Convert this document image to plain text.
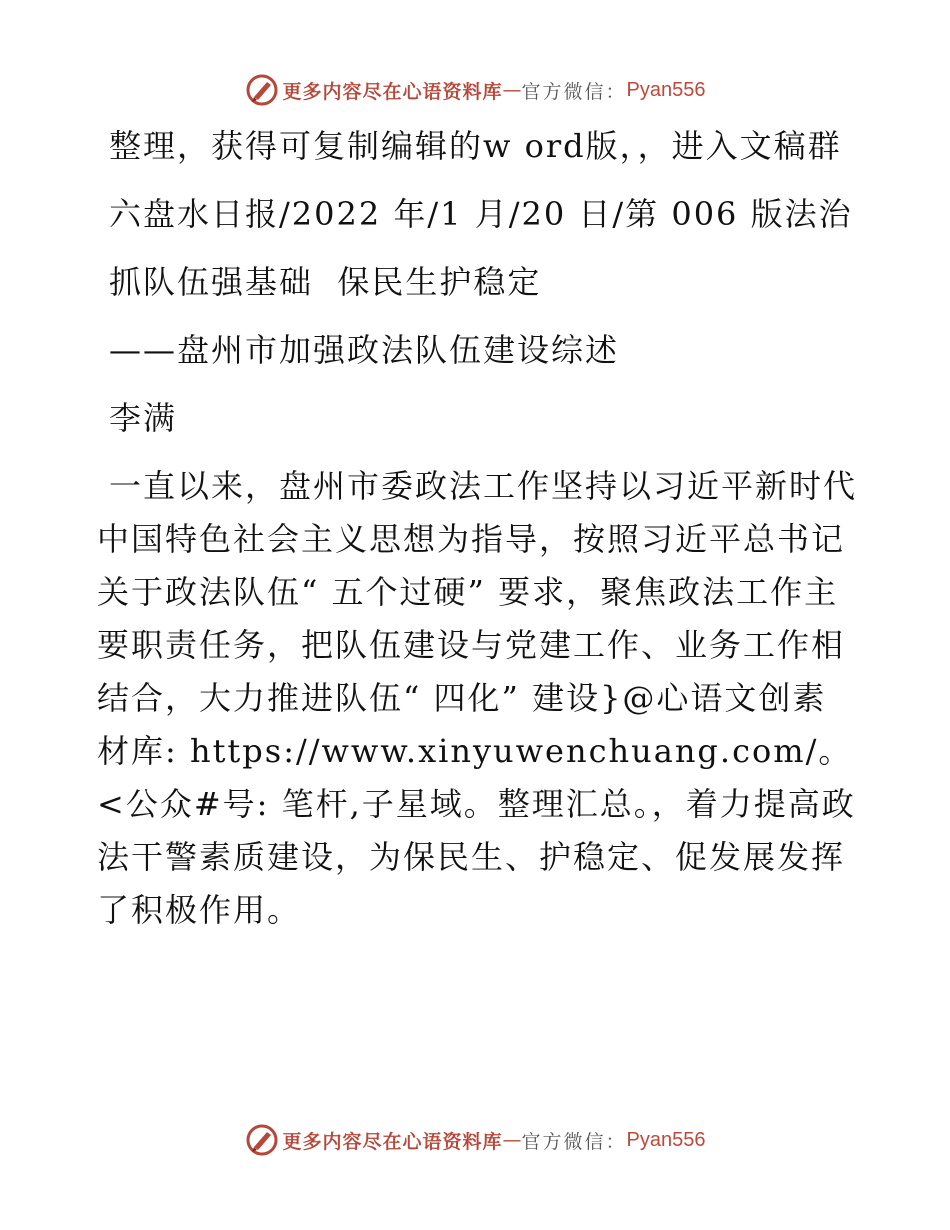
更多内容尽在心语资料库 — 官方微信： Pyan556

整理，获得可复制编辑的w ord版，，进入文稿群

六盘水日报/2022 年/1 月/20 日/第 006 版法治

抓队伍强基础  保民生护稳定

——盘州市加强政法队伍建设综述

李满

一直以来，盘州市委政法工作坚持以习近平新时代中国特色社会主义思想为指导，按照习近平总书记关于政法队伍“ 五个过硬” 要求，聚焦政法工作主要职责任务，把队伍建设与党建工作、业务工作相结合，大力推进队伍“ 四化” 建设}@心语文创素材库: https://www.xinyuwenchuang.com/。<公众#号: 笔杆,子星域。整理汇总。，着力提高政法干警素质建设，为保民生、护稳定、促发展发挥了积极作用。

更多内容尽在心语资料库 — 官方微信： Pyan556
